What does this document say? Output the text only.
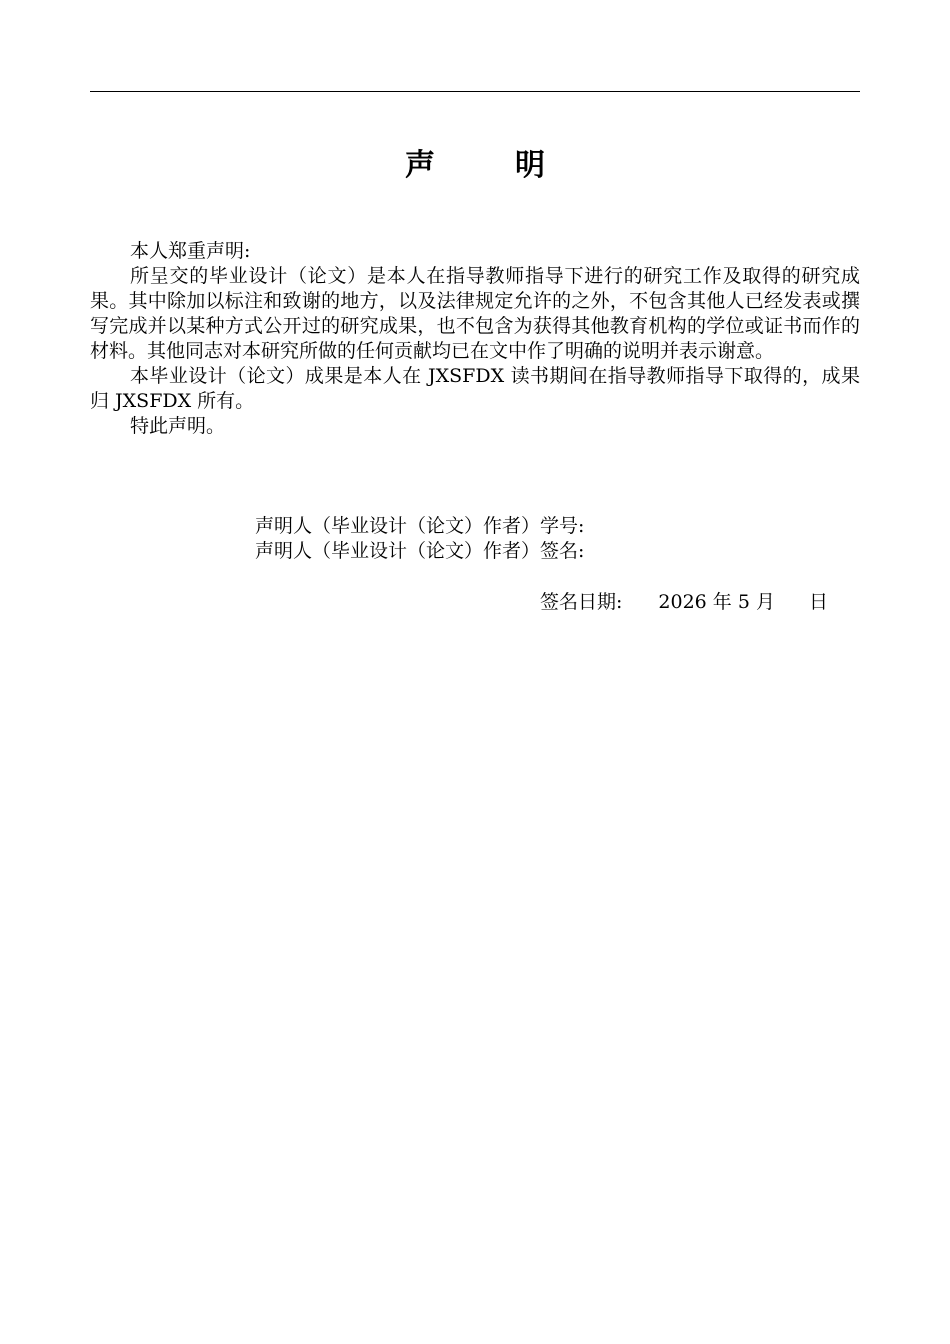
声	明

本人郑重声明:

所呈交的毕业设计（论文）是本人在指导教师指导下进行的研究工作及取得的研究成果。其中除加以标注和致谢的地方，以及法律规定允许的之外，不包含其他人已经发表或撰写完成并以某种方式公开过的研究成果，也不包含为获得其他教育机构的学位或证书而作的材料。其他同志对本研究所做的任何贡献均已在文中作了明确的说明并表示谢意。

本毕业设计（论文）成果是本人在 JXSFDX 读书期间在指导教师指导下取得的，成果归 JXSFDX 所有。

特此声明。

声明人（毕业设计（论文）作者）学号:
声明人（毕业设计（论文）作者）签名:
签名日期: 2026 年 5 月 日
